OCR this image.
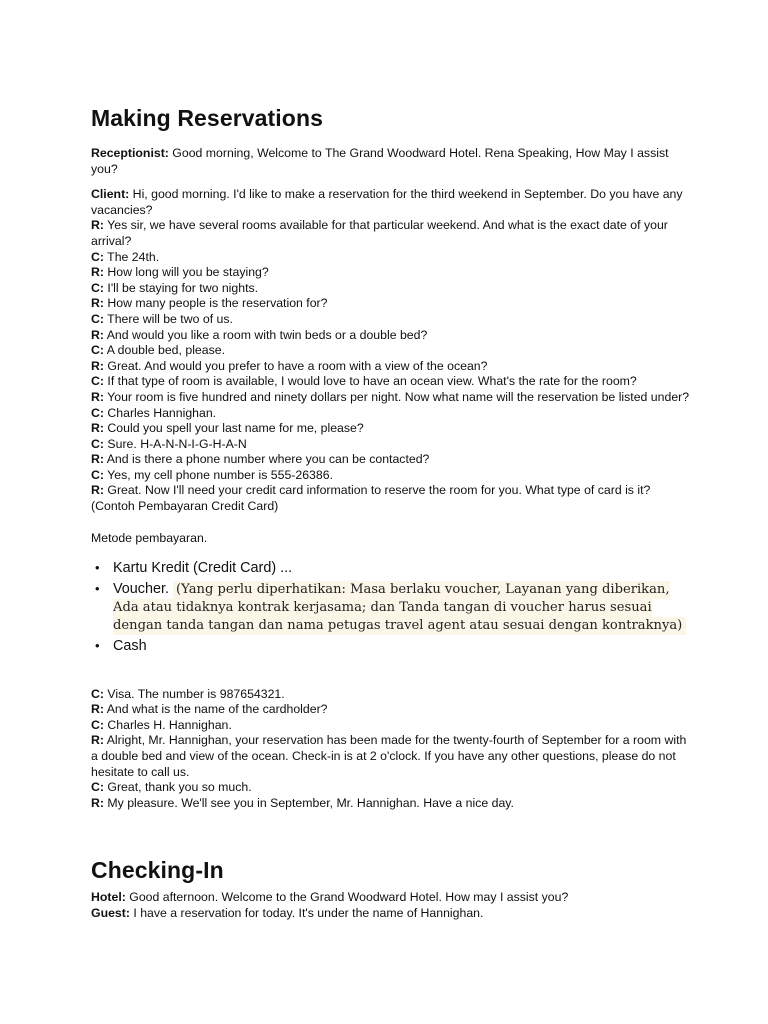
Making Reservations

Receptionist: Good morning, Welcome to The Grand Woodward Hotel. Rena Speaking, How May I assist you?

Client: Hi, good morning. I'd like to make a reservation for the third weekend in September. Do you have any vacancies?

R: Yes sir, we have several rooms available for that particular weekend. And what is the exact date of your arrival?

C: The 24th.

R: How long will you be staying?

C: I'll be staying for two nights.

R: How many people is the reservation for?

C: There will be two of us.

R: And would you like a room with twin beds or a double bed?

C: A double bed, please.

R: Great. And would you prefer to have a room with a view of the ocean?

C: If that type of room is available, I would love to have an ocean view. What's the rate for the room?

R: Your room is five hundred and ninety dollars per night. Now what name will the reservation be listed under?

C: Charles Hannighan.

R: Could you spell your last name for me, please?

C: Sure. H-A-N-N-I-G-H-A-N

R: And is there a phone number where you can be contacted?

C: Yes, my cell phone number is 555-26386.

R: Great. Now I'll need your credit card information to reserve the room for you. What type of card is it? (Contoh Pembayaran Credit Card)

Metode pembayaran.

• Kartu Kredit (Credit Card) ...
• Voucher. (Yang perlu diperhatikan: Masa berlaku voucher, Layanan yang diberikan, Ada atau tidaknya kontrak kerjasama; dan Tanda tangan di voucher harus sesuai dengan tanda tangan dan nama petugas travel agent atau sesuai dengan kontraknya)
• Cash

C: Visa. The number is 987654321.

R: And what is the name of the cardholder?

C: Charles H. Hannighan.

R: Alright, Mr. Hannighan, your reservation has been made for the twenty-fourth of September for a room with a double bed and view of the ocean. Check-in is at 2 o'clock. If you have any other questions, please do not hesitate to call us.

C: Great, thank you so much.

R: My pleasure. We'll see you in September, Mr. Hannighan. Have a nice day.

Checking-In

Hotel: Good afternoon. Welcome to the Grand Woodward Hotel. How may I assist you?

Guest: I have a reservation for today. It's under the name of Hannighan.
